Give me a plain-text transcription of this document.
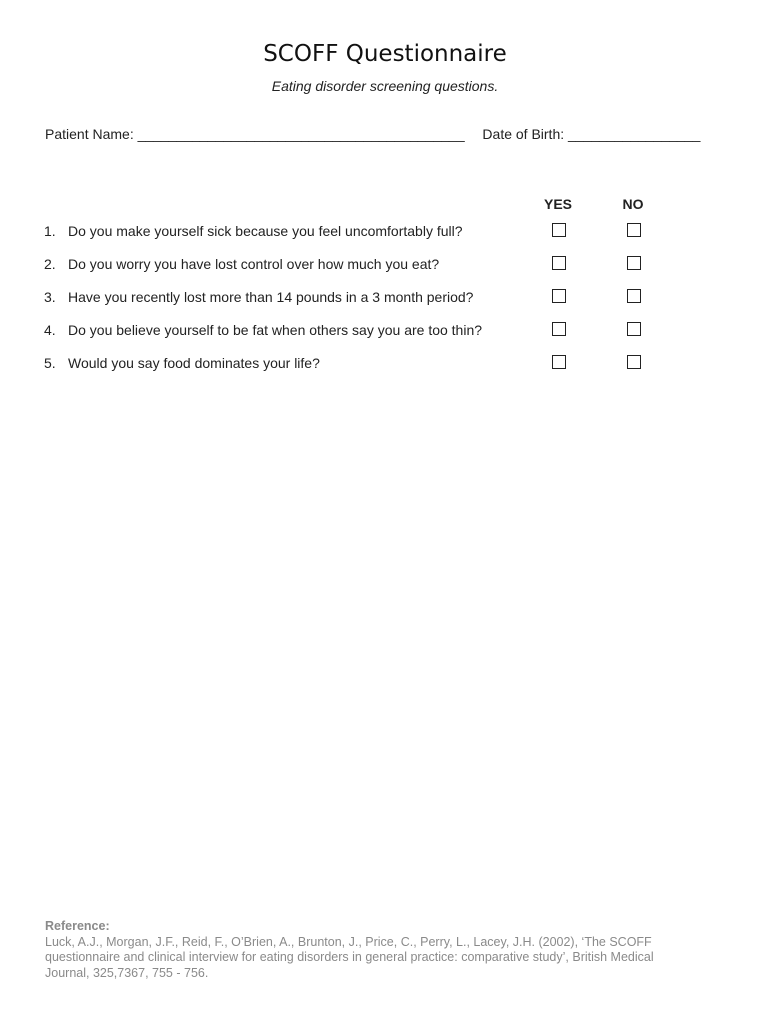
SCOFF Questionnaire
Eating disorder screening questions.
Patient Name: __________________________________________ Date of Birth: _________________
YES	NO
1. Do you make yourself sick because you feel uncomfortably full?
2. Do you worry you have lost control over how much you eat?
3. Have you recently lost more than 14 pounds in a 3 month period?
4. Do you believe yourself to be fat when others say you are too thin?
5. Would you say food dominates your life?
Reference:
Luck, A.J., Morgan, J.F., Reid, F., O’Brien, A., Brunton, J., Price, C., Perry, L., Lacey, J.H. (2002), ‘The SCOFF questionnaire and clinical interview for eating disorders in general practice: comparative study’, British Medical Journal, 325,7367, 755 - 756.
